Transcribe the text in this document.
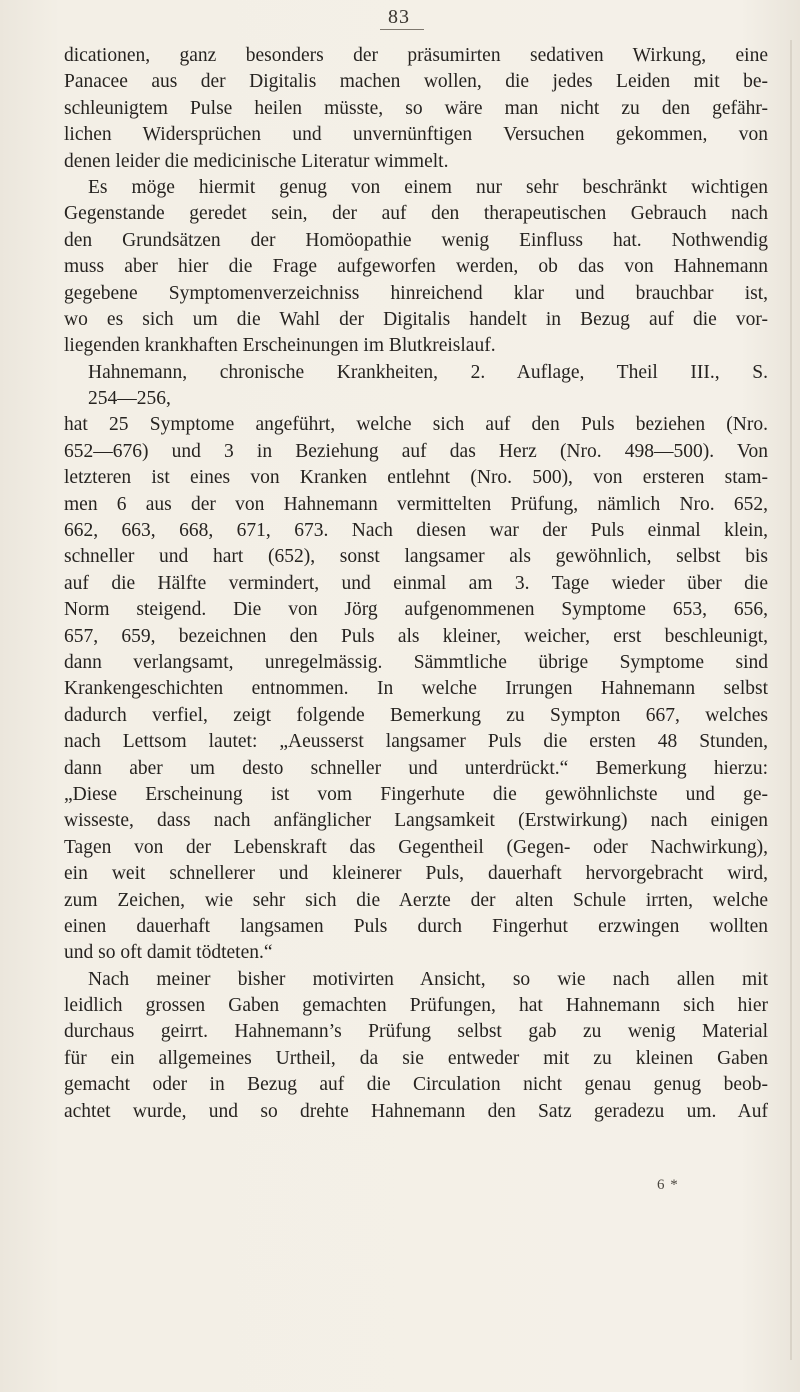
83
dicationen, ganz besonders der präsumirten sedativen Wirkung, eine
Panacee aus der Digitalis machen wollen, die jedes Leiden mit be-
schleunigtem Pulse heilen müsste, so wäre man nicht zu den gefähr-
lichen Widersprüchen und unvernünftigen Versuchen gekommen, von
denen leider die medicinische Literatur wimmelt.
Es möge hiermit genug von einem nur sehr beschränkt wichtigen
Gegenstande geredet sein, der auf den therapeutischen Gebrauch nach
den Grundsätzen der Homöopathie wenig Einfluss hat. Nothwendig
muss aber hier die Frage aufgeworfen werden, ob das von Hahnemann
gegebene Symptomenverzeichniss hinreichend klar und brauchbar ist,
wo es sich um die Wahl der Digitalis handelt in Bezug auf die vor-
liegenden krankhaften Erscheinungen im Blutkreislauf.
Hahnemann, chronische Krankheiten, 2. Auflage, Theil III., S.
254—256,
hat 25 Symptome angeführt, welche sich auf den Puls beziehen (Nro.
652—676) und 3 in Beziehung auf das Herz (Nro. 498—500). Von
letzteren ist eines von Kranken entlehnt (Nro. 500), von ersteren stam-
men 6 aus der von Hahnemann vermittelten Prüfung, nämlich Nro. 652,
662, 663, 668, 671, 673. Nach diesen war der Puls einmal klein,
schneller und hart (652), sonst langsamer als gewöhnlich, selbst bis
auf die Hälfte vermindert, und einmal am 3. Tage wieder über die
Norm steigend. Die von Jörg aufgenommenen Symptome 653, 656,
657, 659, bezeichnen den Puls als kleiner, weicher, erst beschleunigt,
dann verlangsamt, unregelmässig. Sämmtliche übrige Symptome sind
Krankengeschichten entnommen. In welche Irrungen Hahnemann selbst
dadurch verfiel, zeigt folgende Bemerkung zu Sympton 667, welches
nach Lettsom lautet: „Aeusserst langsamer Puls die ersten 48 Stunden,
dann aber um desto schneller und unterdrückt.“ Bemerkung hierzu:
„Diese Erscheinung ist vom Fingerhute die gewöhnlichste und ge-
wisseste, dass nach anfänglicher Langsamkeit (Erstwirkung) nach einigen
Tagen von der Lebenskraft das Gegentheil (Gegen- oder Nachwirkung),
ein weit schnellerer und kleinerer Puls, dauerhaft hervorgebracht wird,
zum Zeichen, wie sehr sich die Aerzte der alten Schule irrten, welche
einen dauerhaft langsamen Puls durch Fingerhut erzwingen wollten
und so oft damit tödteten.“
Nach meiner bisher motivirten Ansicht, so wie nach allen mit
leidlich grossen Gaben gemachten Prüfungen, hat Hahnemann sich hier
durchaus geirrt. Hahnemann’s Prüfung selbst gab zu wenig Material
für ein allgemeines Urtheil, da sie entweder mit zu kleinen Gaben
gemacht oder in Bezug auf die Circulation nicht genau genug beob-
achtet wurde, und so drehte Hahnemann den Satz geradezu um. Auf
6 *
